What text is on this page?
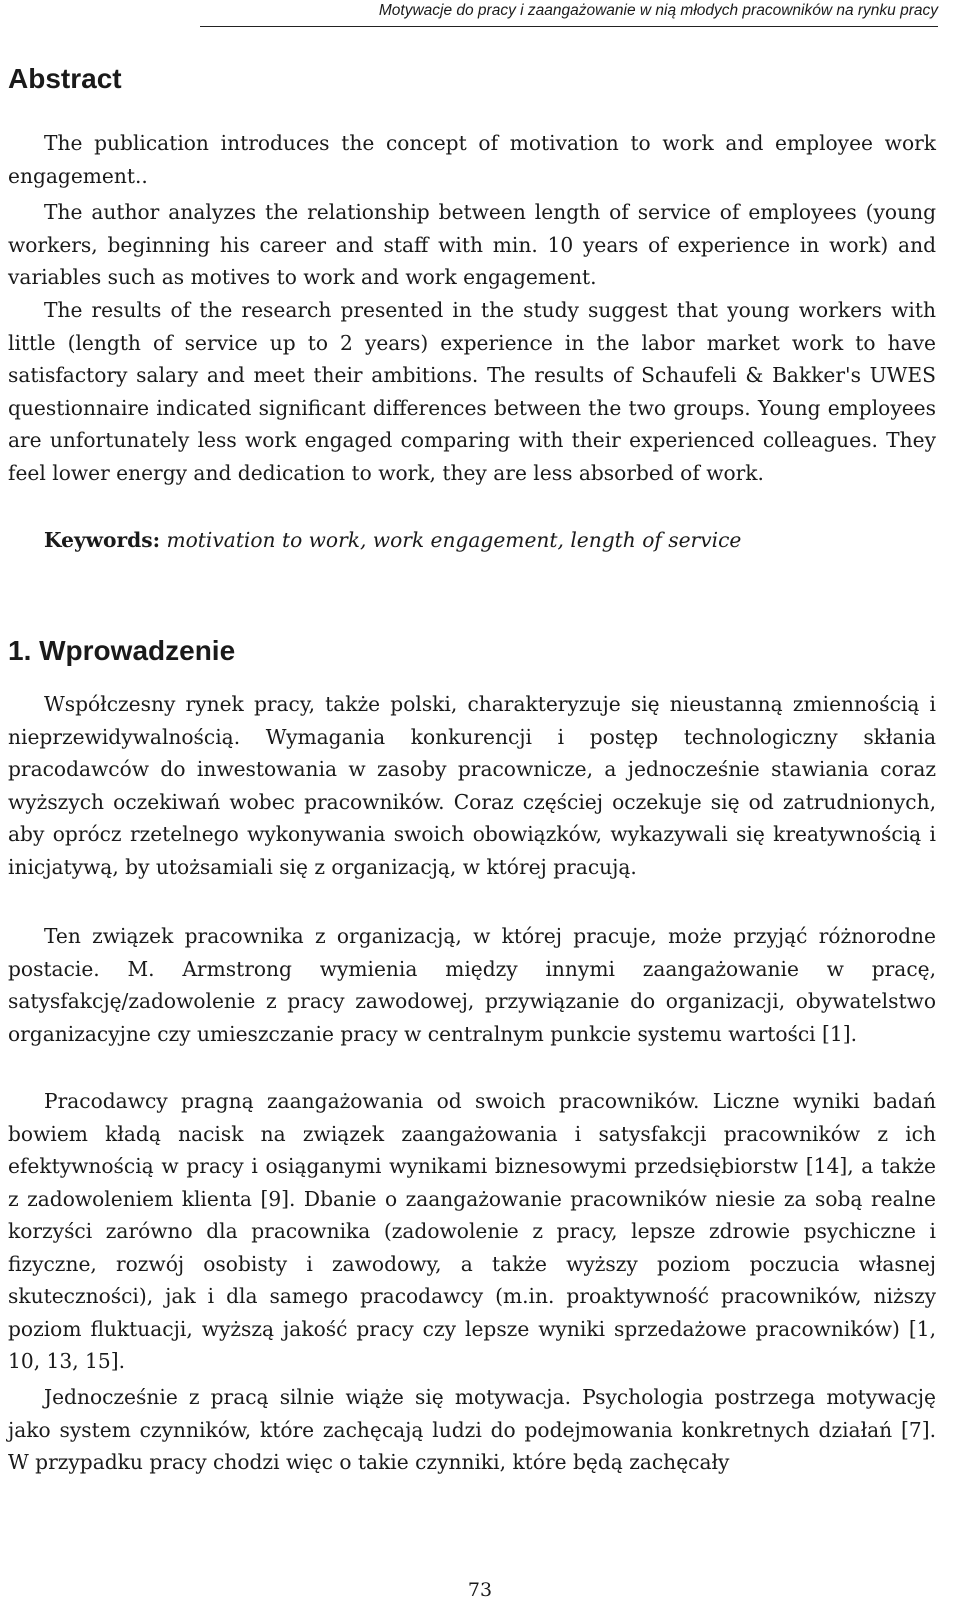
Motywacje do pracy i zaangażowanie w nią młodych pracowników na rynku pracy
Abstract

The publication introduces the concept of motivation to work and employee work engagement..

The author analyzes the relationship between length of service of employees (young workers, beginning his career and staff with min. 10 years of experience in work) and variables such as motives to work and work engagement.

The results of the research presented in the study suggest that young workers with little (length of service up to 2 years) experience in the labor market work to have satisfactory salary and meet their ambitions. The results of Schaufeli & Bakker's UWES questionnaire indicated significant differences between the two groups. Young employees are unfortunately less work engaged comparing with their experienced colleagues. They feel lower energy and dedication to work, they are less absorbed of work.

Keywords: motivation to work, work engagement, length of service

1. Wprowadzenie

Współczesny rynek pracy, także polski, charakteryzuje się nieustanną zmiennością i nieprzewidywalnością. Wymagania konkurencji i postęp technologiczny skłania pracodawców do inwestowania w zasoby pracownicze, a jednocześnie stawiania coraz wyższych oczekiwań wobec pracowników. Coraz częściej oczekuje się od zatrudnionych, aby oprócz rzetelnego wykonywania swoich obowiązków, wykazywali się kreatywnością i inicjatywą, by utożsamiali się z organizacją, w której pracują.

Ten związek pracownika z organizacją, w której pracuje, może przyjąć różnorodne postacie. M. Armstrong wymienia między innymi zaangażowanie w pracę, satysfakcję/zadowolenie z pracy zawodowej, przywiązanie do organizacji, obywatelstwo organizacyjne czy umieszczanie pracy w centralnym punkcie systemu wartości [1].

Pracodawcy pragną zaangażowania od swoich pracowników. Liczne wyniki badań bowiem kładą nacisk na związek zaangażowania i satysfakcji pracowników z ich efektywnością w pracy i osiąganymi wynikami biznesowymi przedsiębiorstw [14], a także z zadowoleniem klienta [9]. Dbanie o zaangażowanie pracowników niesie za sobą realne korzyści zarówno dla pracownika (zadowolenie z pracy, lepsze zdrowie psychiczne i fizyczne, rozwój osobisty i zawodowy, a także wyższy poziom poczucia własnej skuteczności), jak i dla samego pracodawcy (m.in. proaktywność pracowników, niższy poziom fluktuacji, wyższą jakość pracy czy lepsze wyniki sprzedażowe pracowników) [1, 10, 13, 15].

Jednocześnie z pracą silnie wiąże się motywacja. Psychologia postrzega motywację jako system czynników, które zachęcają ludzi do podejmowania konkretnych działań [7]. W przypadku pracy chodzi więc o takie czynniki, które będą zachęcały

73
